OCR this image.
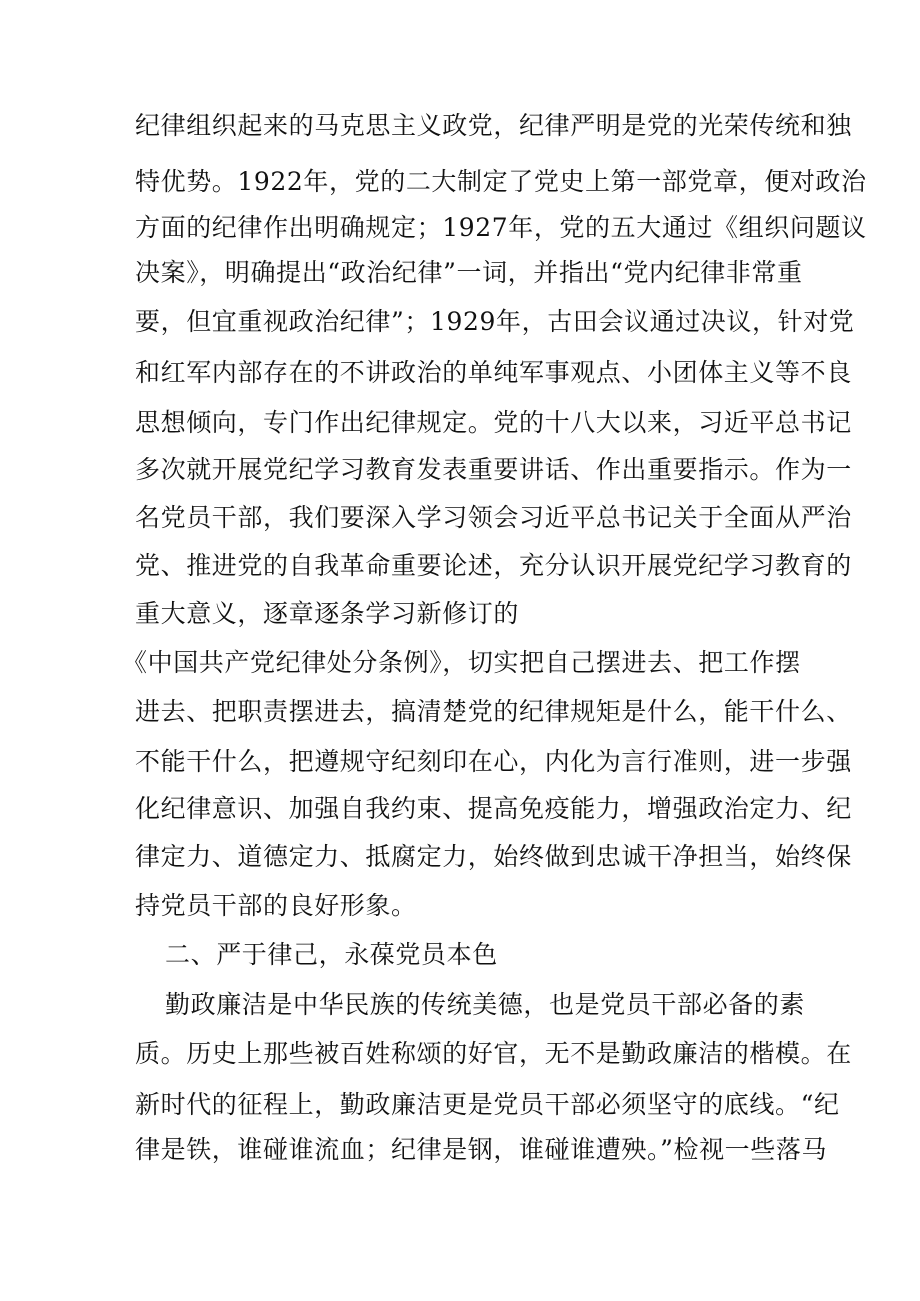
纪律组织起来的马克思主义政党，纪律严明是党的光荣传统和独
特优势。1922年，党的二大制定了党史上第一部党章，便对政治
方面的纪律作出明确规定；1927年，党的五大通过《组织问题议
决案》，明确提出“政治纪律”一词，并指出“党内纪律非常重
要，但宜重视政治纪律”；1929年，古田会议通过决议，针对党
和红军内部存在的不讲政治的单纯军事观点、小团体主义等不良
思想倾向，专门作出纪律规定。党的十八大以来，习近平总书记
多次就开展党纪学习教育发表重要讲话、作出重要指示。作为一
名党员干部，我们要深入学习领会习近平总书记关于全面从严治
党、推进党的自我革命重要论述，充分认识开展党纪学习教育的
重大意义，逐章逐条学习新修订的
《中国共产党纪律处分条例》，切实把自己摆进去、把工作摆
进去、把职责摆进去，搞清楚党的纪律规矩是什么，能干什么、
不能干什么，把遵规守纪刻印在心，内化为言行准则，进一步强
化纪律意识、加强自我约束、提高免疫能力，增强政治定力、纪
律定力、道德定力、抵腐定力，始终做到忠诚干净担当，始终保
持党员干部的良好形象。
二、严于律己，永葆党员本色
勤政廉洁是中华民族的传统美德，也是党员干部必备的素
质。历史上那些被百姓称颂的好官，无不是勤政廉洁的楷模。在
新时代的征程上，勤政廉洁更是党员干部必须坚守的底线。“纪
律是铁，谁碰谁流血；纪律是钢，谁碰谁遭殃。”检视一些落马
